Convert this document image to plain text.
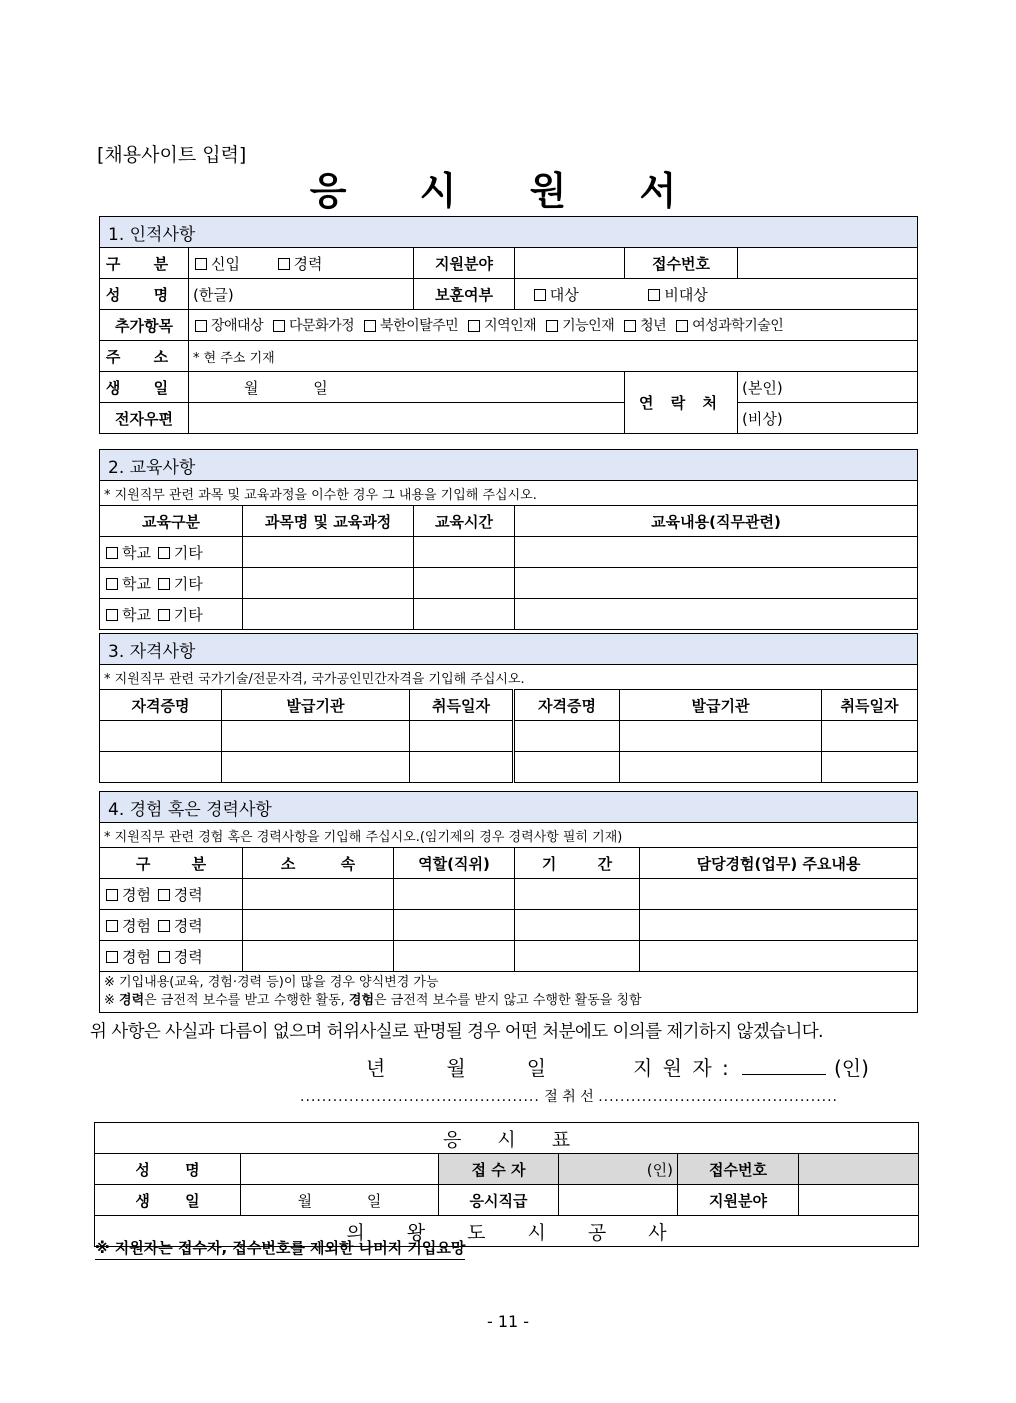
[채용사이트 입력]
응 시 원 서
1. 인적사항					
구 분	신입 경력	지원분야		접수번호	
성 명	(한글)	보훈여부	대상 비대상		
추가항목	장애대상 다문화가정 북한이탈주민 지역인재 기능인재 청년 여성과학기술인				
주 소	* 현 주소 기재				
생 일	월 일			연 락 처	(본인)
전자우편					(비상)
2. 교육사항			
* 지원직무 관련 과목 및 교육과정을 이수한 경우 그 내용을 기입해 주십시오.			
교육구분	과목명 및 교육과정	교육시간	교육내용(직무관련)
학교 기타			
학교 기타			
학교 기타			
3. 자격사항					
* 지원직무 관련 국가기술/전문자격, 국가공인민간자격을 기입해 주십시오.					
자격증명	발급기관	취득일자	자격증명	발급기관	취득일자

4. 경험 혹은 경력사항				
* 지원직무 관련 경험 혹은 경력사항을 기입해 주십시오.(임기제의 경우 경력사항 필히 기재)				
구 분	소 속	역할(직위)	기 간	담당경험(업무) 주요내용
경험 경력				
경험 경력				
경험 경력				

※ 기입내용(교육, 경험·경력 등)이 많을 경우 양식변경 가능
※ 경력은 금전적 보수를 받고 수행한 활동, 경험은 금전적 보수를 받지 않고 수행한 활동을 칭함				
위 사항은 사실과 다름이 없으며 허위사실로 판명될 경우 어떤 처분에도 이의를 제기하지 않겠습니다.
년   월   일	지 원 자 :	(인)
............................................ 절 취 선 ............................................
응 시 표					
성 명		접 수 자	(인)	접수번호	
생 일	월 일	응시직급		지원분야	
의 왕 도 시 공 사					
※ 지원자는 접수자, 접수번호를 제외한 나머지 기입요망
- 11 -
